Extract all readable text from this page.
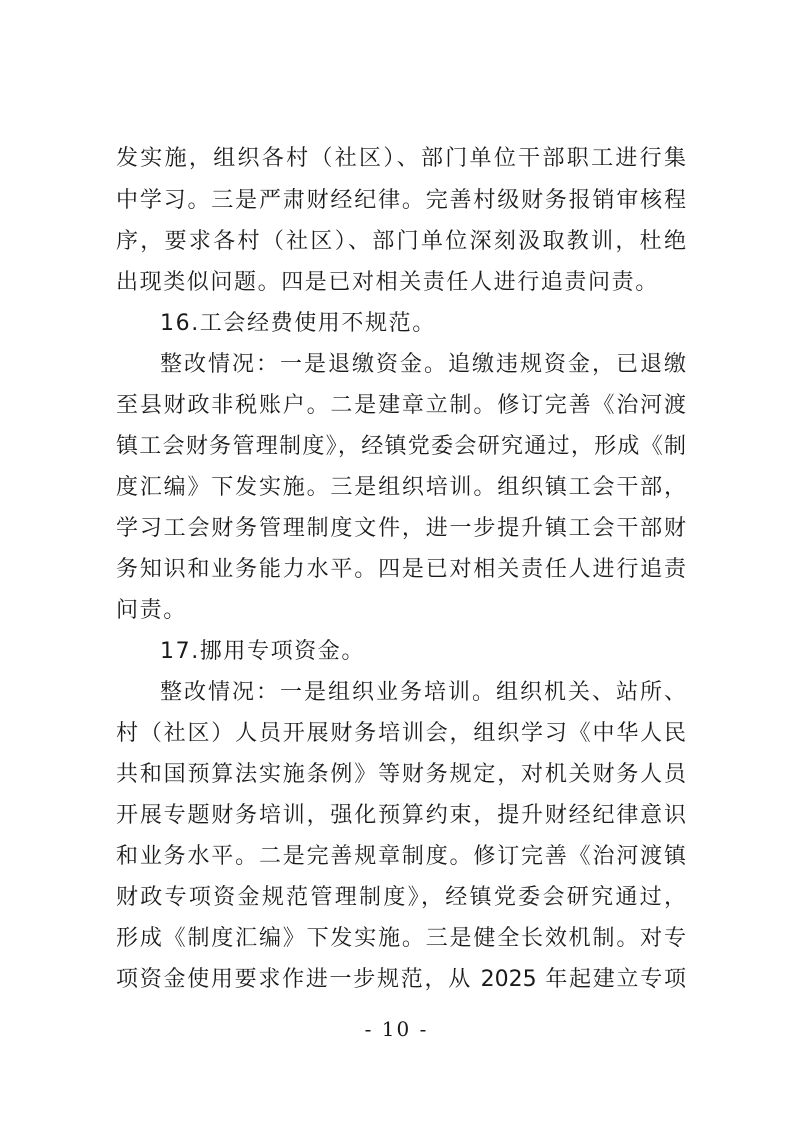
发实施，组织各村（社区）、部门单位干部职工进行集
中学习。三是严肃财经纪律。完善村级财务报销审核程
序，要求各村（社区）、部门单位深刻汲取教训，杜绝
出现类似问题。四是已对相关责任人进行追责问责。
16.工会经费使用不规范。
整改情况：一是退缴资金。追缴违规资金，已退缴
至县财政非税账户。二是建章立制。修订完善《治河渡
镇工会财务管理制度》，经镇党委会研究通过，形成《制
度汇编》下发实施。三是组织培训。组织镇工会干部，
学习工会财务管理制度文件，进一步提升镇工会干部财
务知识和业务能力水平。四是已对相关责任人进行追责
问责。
17.挪用专项资金。
整改情况：一是组织业务培训。组织机关、站所、
村（社区）人员开展财务培训会，组织学习《中华人民
共和国预算法实施条例》等财务规定，对机关财务人员
开展专题财务培训，强化预算约束，提升财经纪律意识
和业务水平。二是完善规章制度。修订完善《治河渡镇
财政专项资金规范管理制度》，经镇党委会研究通过，
形成《制度汇编》下发实施。三是健全长效机制。对专
项资金使用要求作进一步规范，从 2025 年起建立专项
- 10 -
